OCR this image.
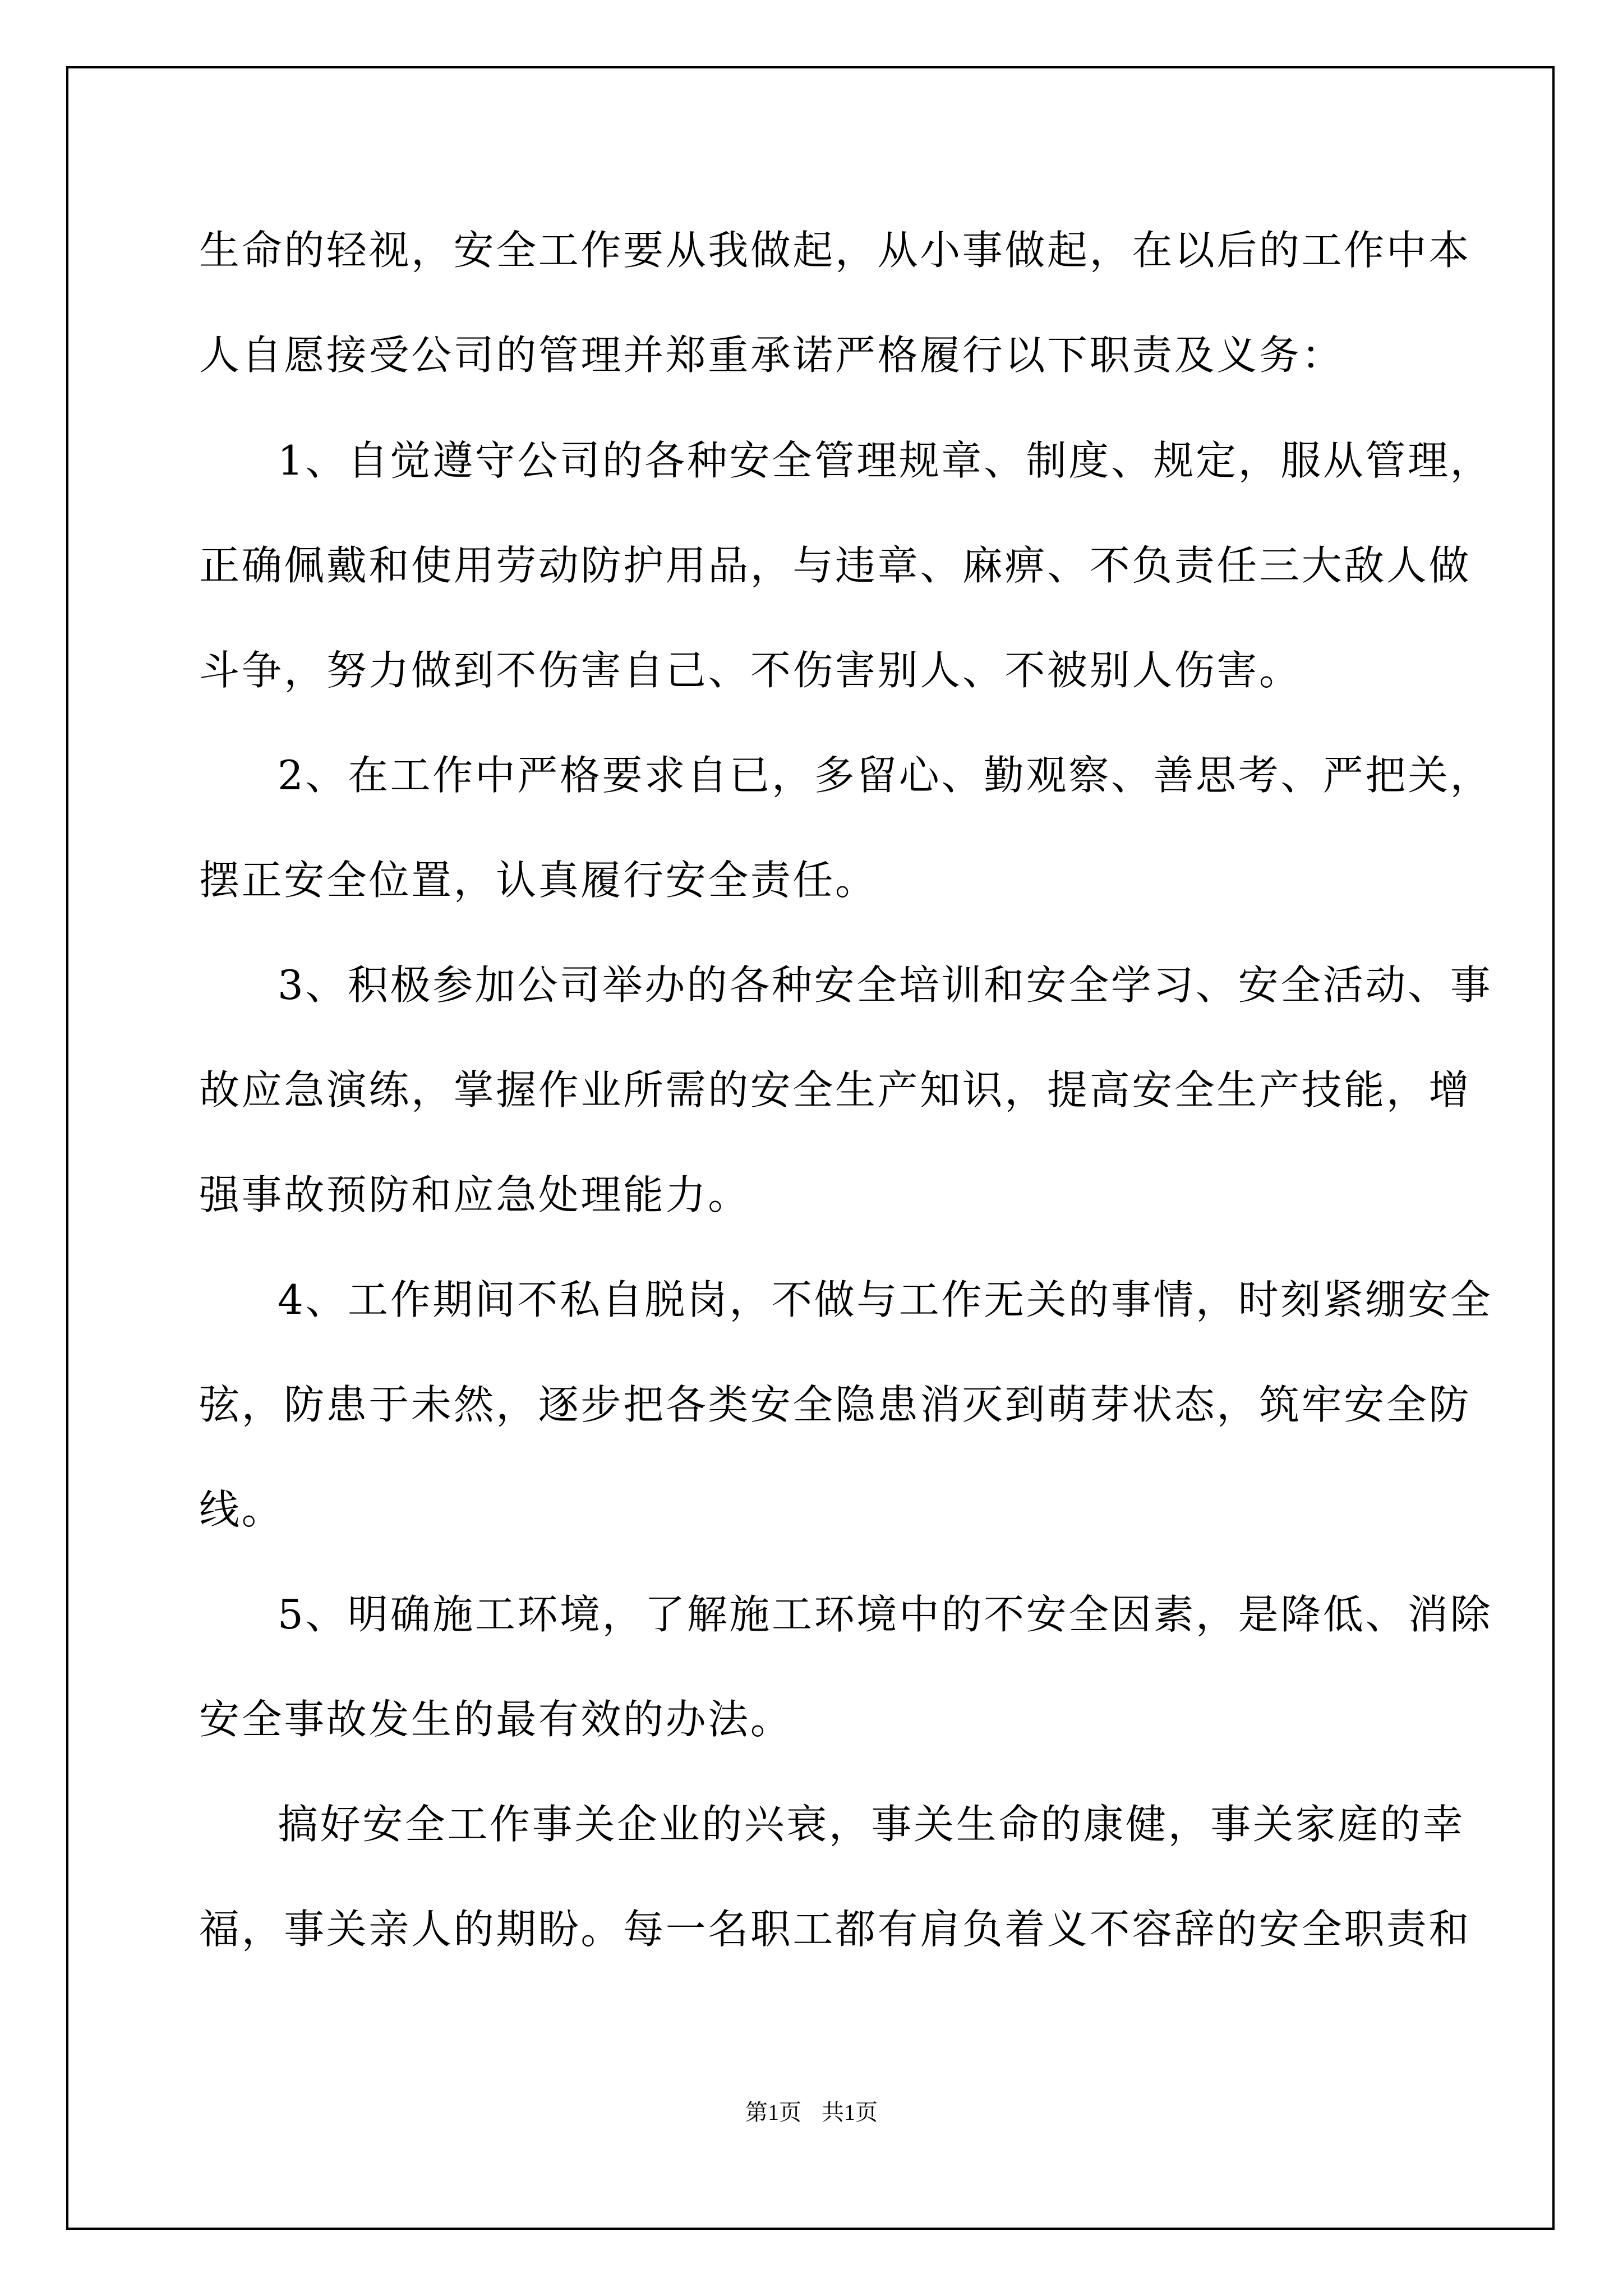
生命的轻视，安全工作要从我做起，从小事做起，在以后的工作中本
人自愿接受公司的管理并郑重承诺严格履行以下职责及义务：
1、自觉遵守公司的各种安全管理规章、制度、规定，服从管理，
正确佩戴和使用劳动防护用品，与违章、麻痹、不负责任三大敌人做
斗争，努力做到不伤害自己、不伤害别人、不被别人伤害。
2、在工作中严格要求自已，多留心、勤观察、善思考、严把关，
摆正安全位置，认真履行安全责任。
3、积极参加公司举办的各种安全培训和安全学习、安全活动、事
故应急演练，掌握作业所需的安全生产知识，提高安全生产技能，增
强事故预防和应急处理能力。
4、工作期间不私自脱岗，不做与工作无关的事情，时刻紧绷安全
弦，防患于未然，逐步把各类安全隐患消灭到萌芽状态，筑牢安全防
线。
5、明确施工环境，了解施工环境中的不安全因素，是降低、消除
安全事故发生的最有效的办法。
搞好安全工作事关企业的兴衰，事关生命的康健，事关家庭的幸
福，事关亲人的期盼。每一名职工都有肩负着义不容辞的安全职责和
第1页 共1页
